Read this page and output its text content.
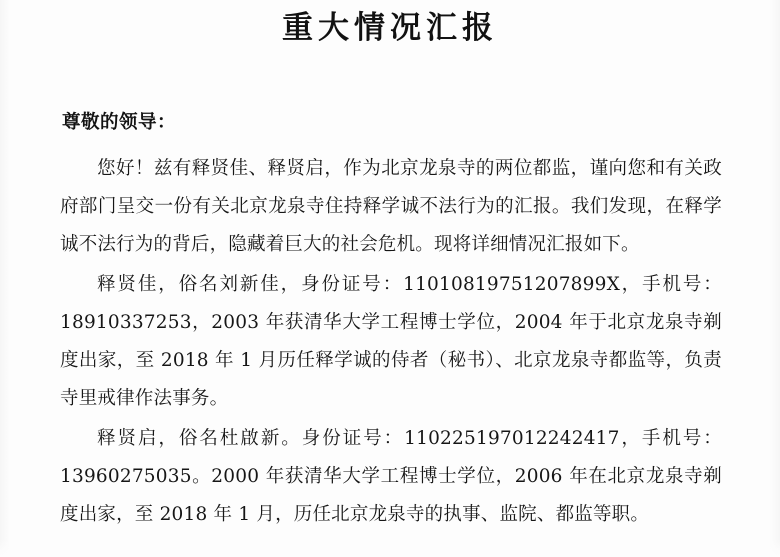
重大情况汇报
尊敬的领导：

您好！兹有释贤佳、释贤启，作为北京龙泉寺的两位都监，谨向您和有关政府部门呈交一份有关北京龙泉寺住持释学诚不法行为的汇报。我们发现，在释学诚不法行为的背后，隐藏着巨大的社会危机。现将详细情况汇报如下。

释贤佳，俗名刘新佳，身份证号：11010819751207899X，手机号：18910337253，2003 年获清华大学工程博士学位，2004 年于北京龙泉寺剃度出家，至 2018 年 1 月历任释学诚的侍者（秘书）、北京龙泉寺都监等，负责寺里戒律作法事务。

释贤启，俗名杜啟新。身份证号：110225197012242417，手机号：13960275035。2000 年获清华大学工程博士学位，2006 年在北京龙泉寺剃度出家，至 2018 年 1 月，历任北京龙泉寺的执事、监院、都监等职。
